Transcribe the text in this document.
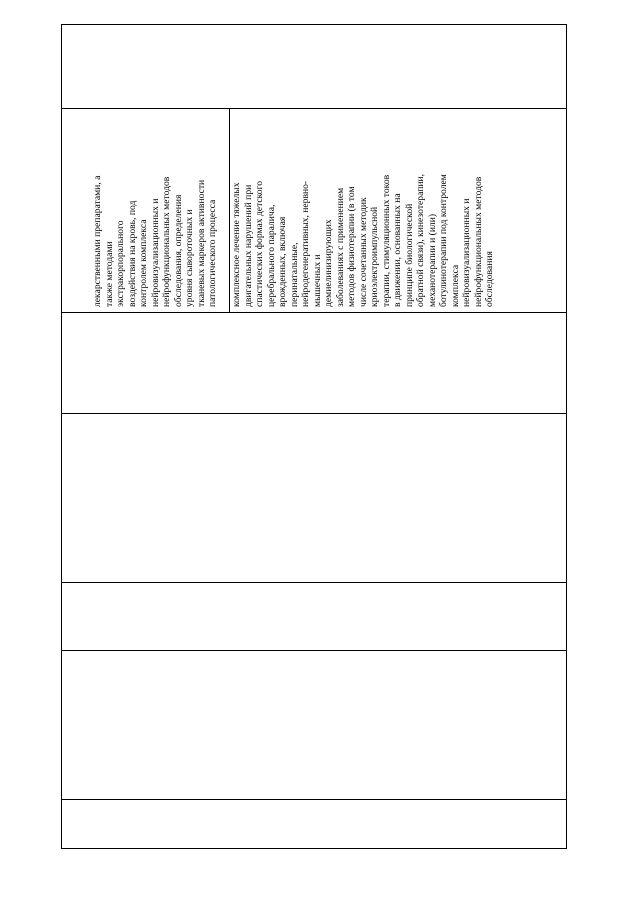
лекарственными препаратами, а также методами экстракорпорального воздействия на кровь, под контролем комплекса нейровизуализационных и нейрофункциональных методов обследования, определения уровня сывороточных и тканевых маркеров активности патологического процесса комплексное лечение тяжелых двигательных нарушений при спастических формах детского церебрального паралича, врожденных, включая перинатальные, нейродегенеративных, нервно- мышечных и демиелинизирующих заболеваниях с применением методов физиотерапии (в том числе сочетанных методик криоэлектроимпульсной терапии, стимуляционных токов в движении, основанных на принципе биологической обратной связи), кинезотерапии, механотерапии и (или) ботулинотерапии под контролем комплекса нейровизуализационных и нейрофункциональных методов обследования
